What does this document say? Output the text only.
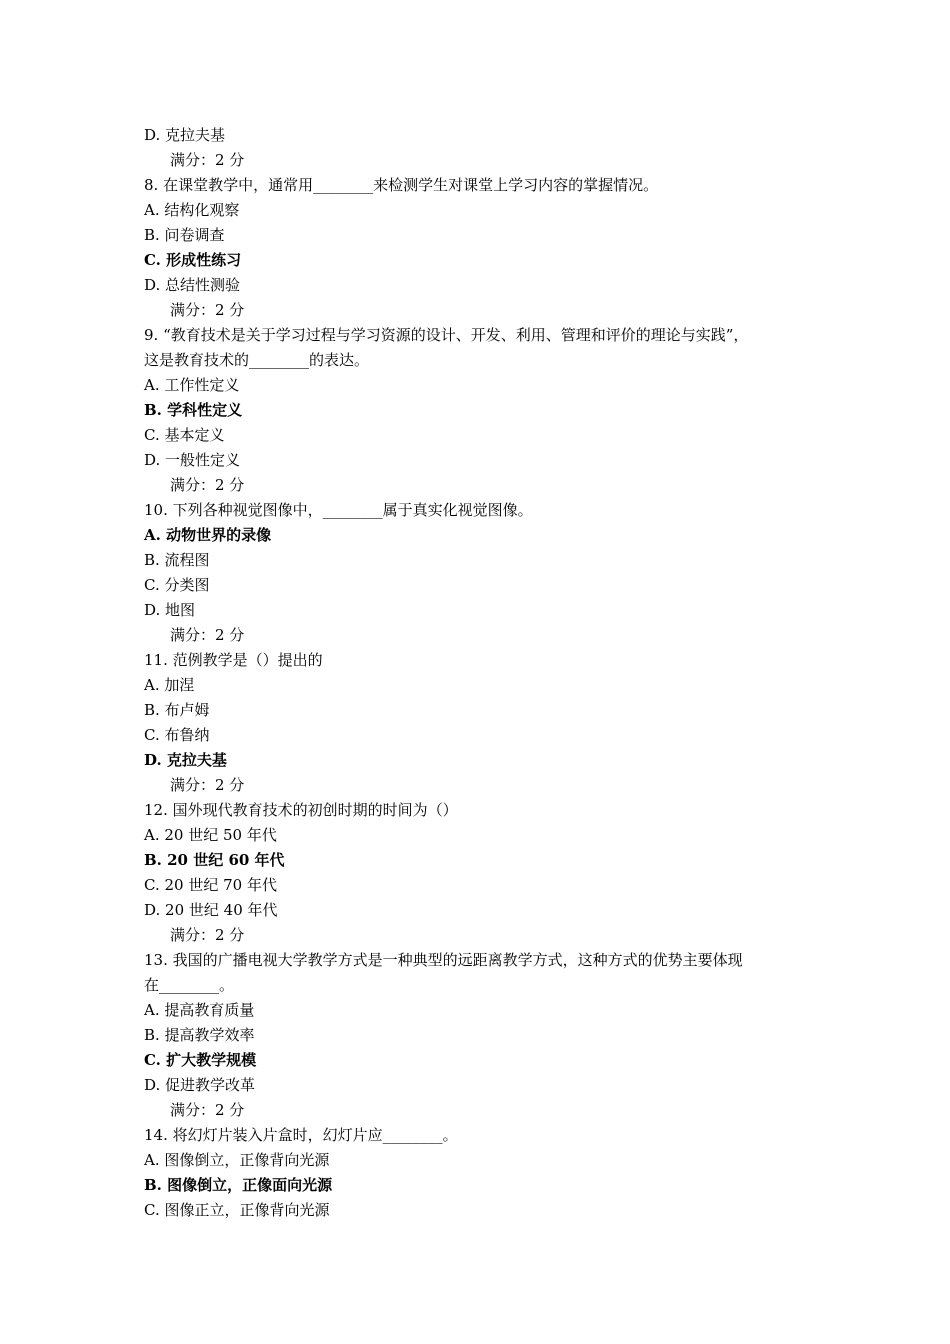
D. 克拉夫基
满分：2 分
8. 在课堂教学中，通常用________来检测学生对课堂上学习内容的掌握情况。
A. 结构化观察
B. 问卷调查
C. 形成性练习
D. 总结性测验
满分：2 分
9. “教育技术是关于学习过程与学习资源的设计、开发、利用、管理和评价的理论与实践”，
这是教育技术的________的表达。
A. 工作性定义
B. 学科性定义
C. 基本定义
D. 一般性定义
满分：2 分
10. 下列各种视觉图像中，________属于真实化视觉图像。
A. 动物世界的录像
B. 流程图
C. 分类图
D. 地图
满分：2 分
11. 范例教学是（）提出的
A. 加涅
B. 布卢姆
C. 布鲁纳
D. 克拉夫基
满分：2 分
12. 国外现代教育技术的初创时期的时间为（）
A. 20 世纪 50 年代
B. 20 世纪 60 年代
C. 20 世纪 70 年代
D. 20 世纪 40 年代
满分：2 分
13. 我国的广播电视大学教学方式是一种典型的远距离教学方式，这种方式的优势主要体现
在________。
A. 提高教育质量
B. 提高教学效率
C. 扩大教学规模
D. 促进教学改革
满分：2 分
14. 将幻灯片装入片盒时，幻灯片应________。
A. 图像倒立，正像背向光源
B. 图像倒立，正像面向光源
C. 图像正立，正像背向光源
